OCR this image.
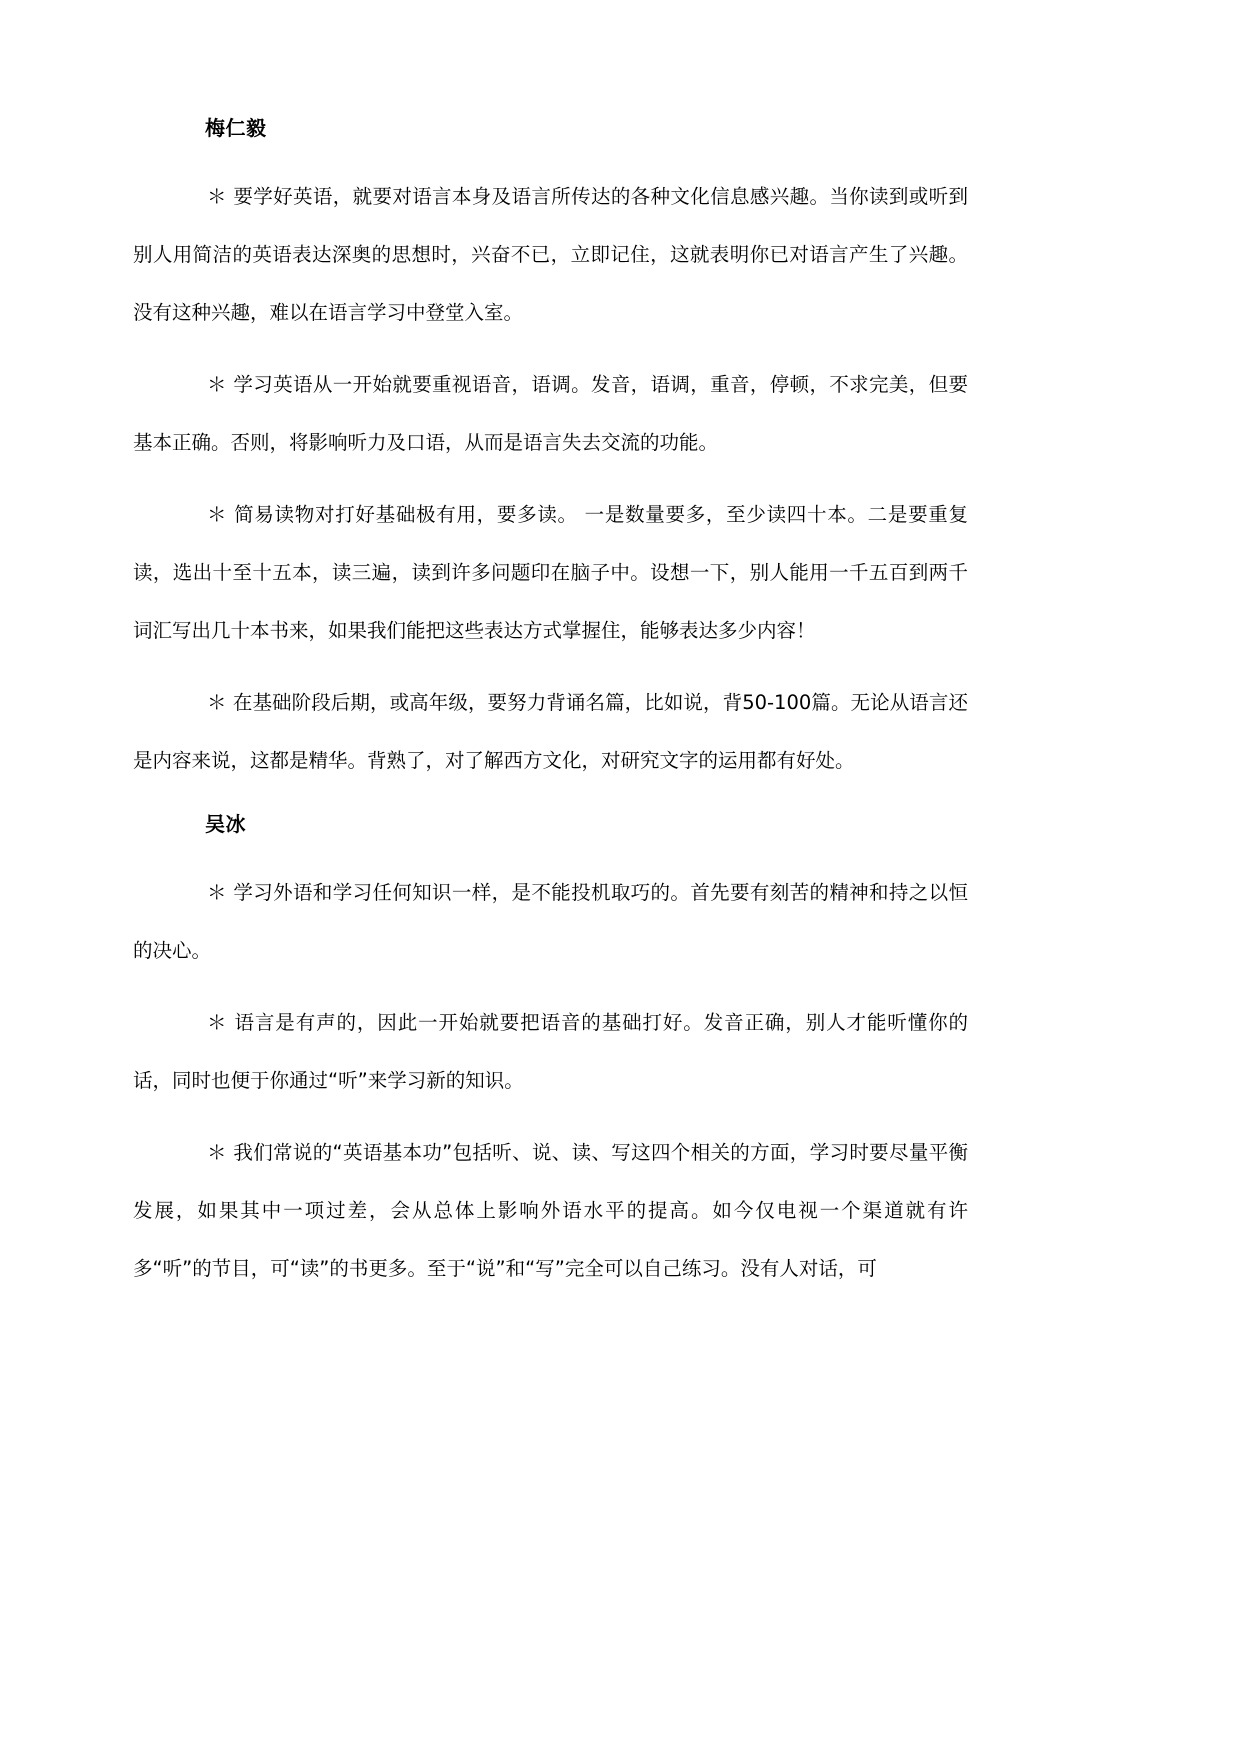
梅仁毅

＊ 要学好英语，就要对语言本身及语言所传达的各种文化信息感兴趣。当你读到或听到别人用简洁的英语表达深奥的思想时，兴奋不已，立即记住，这就表明你已对语言产生了兴趣。没有这种兴趣，难以在语言学习中登堂入室。

＊ 学习英语从一开始就要重视语音，语调。发音，语调，重音，停顿，不求完美，但要基本正确。否则，将影响听力及口语，从而是语言失去交流的功能。

＊ 简易读物对打好基础极有用，要多读。 一是数量要多，至少读四十本。二是要重复读，选出十至十五本，读三遍，读到许多问题印在脑子中。设想一下，别人能用一千五百到两千词汇写出几十本书来，如果我们能把这些表达方式掌握住，能够表达多少内容！

＊ 在基础阶段后期，或高年级，要努力背诵名篇，比如说，背50-100篇。无论从语言还是内容来说，这都是精华。背熟了，对了解西方文化，对研究文字的运用都有好处。

吴冰

＊ 学习外语和学习任何知识一样，是不能投机取巧的。首先要有刻苦的精神和持之以恒的决心。

＊ 语言是有声的，因此一开始就要把语音的基础打好。发音正确，别人才能听懂你的话，同时也便于你通过“听”来学习新的知识。

＊ 我们常说的“英语基本功”包括听、说、读、写这四个相关的方面，学习时要尽量平衡发展，如果其中一项过差，会从总体上影响外语水平的提高。如今仅电视一个渠道就有许多“听”的节目，可“读”的书更多。至于“说”和“写”完全可以自己练习。没有人对话，可
